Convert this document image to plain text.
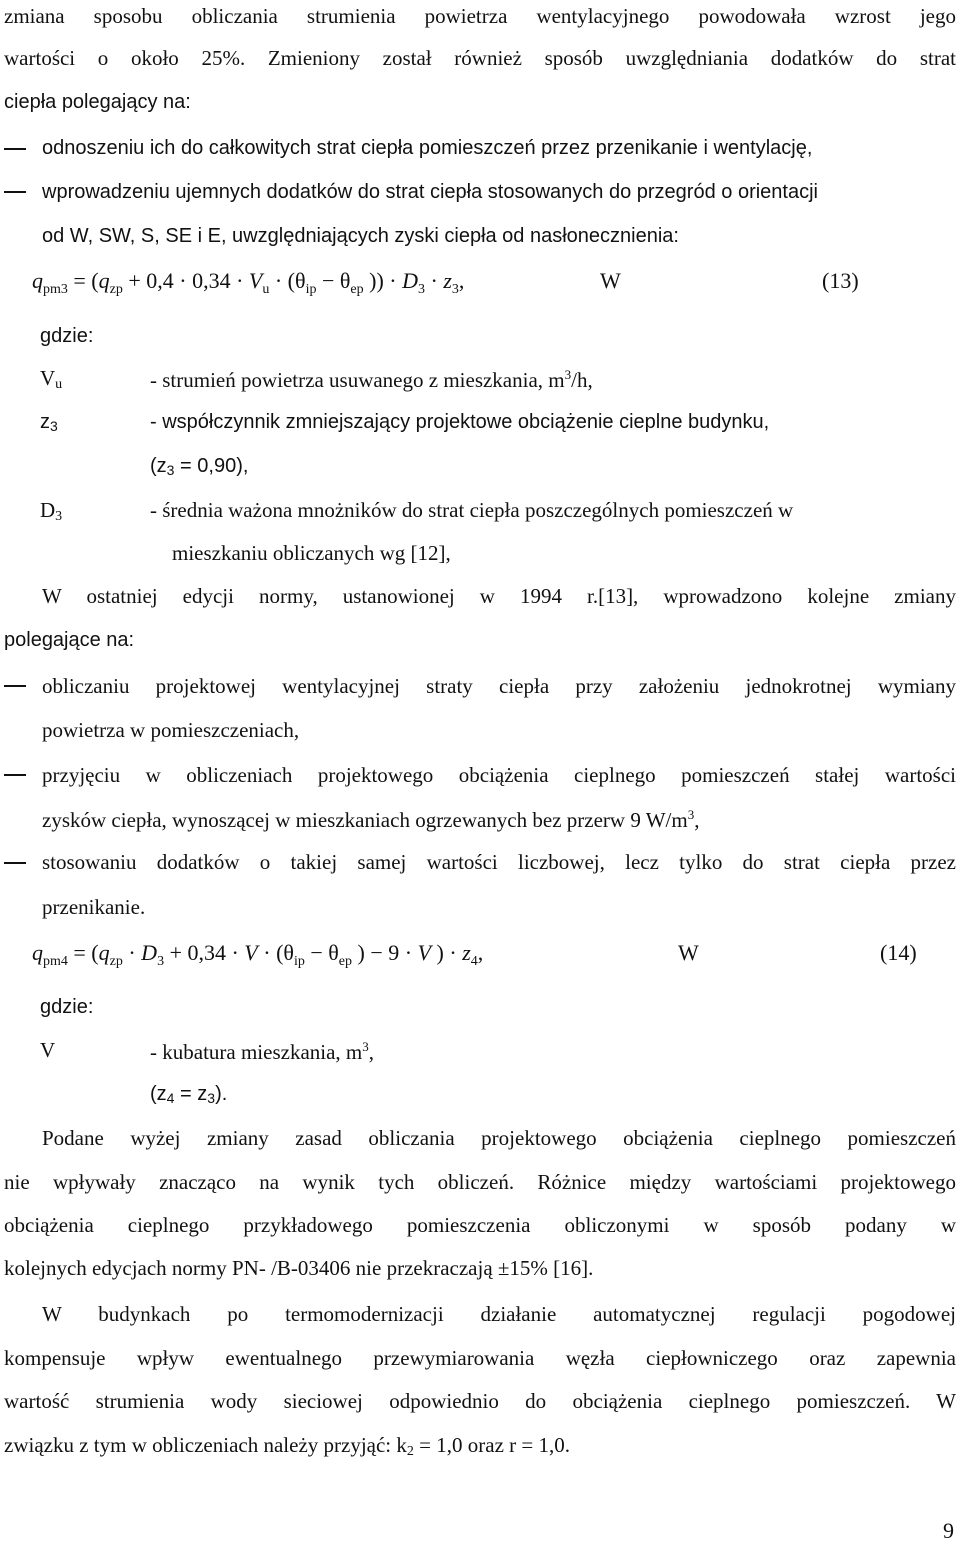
zmiana sposobu obliczania strumienia powietrza wentylacyjnego powodowała wzrost jego
wartości o około 25%. Zmieniony został również sposób uwzględniania dodatków do strat
ciepła polegający na:
odnoszeniu ich do całkowitych strat ciepła pomieszczeń przez przenikanie i wentylację,
wprowadzeniu ujemnych dodatków do strat ciepła stosowanych do przegród o orientacji
od W, SW, S, SE i E, uwzględniających zyski ciepła od nasłonecznienia:
$q_{pm3} = (q_{zp} + 0,4 \cdot 0,34 \cdot V_u \cdot (\theta_{ip} - \theta_{ep}$ )) · $D_3 \cdot z_3$,	W	(13)
gdzie:
$V_u$	- strumień powietrza usuwanego z mieszkania, $m^3/h$,
$z_3$	- współczynnik zmniejszający projektowe obciążenie cieplne budynku,
$(z_3 = 0,90)$,
$D_3$	- średnia ważona mnożników do strat ciepła poszczególnych pomieszczeń w
mieszkaniu obliczanych wg [12],
W ostatniej edycji normy, ustanowionej w 1994 r.[13], wprowadzono kolejne zmiany
polegające na:
obliczaniu projektowej wentylacyjnej straty ciepła przy założeniu jednokrotnej wymiany
powietrza w pomieszczeniach,
przyjęciu w obliczeniach projektowego obciążenia cieplnego pomieszczeń stałej wartości
zysków ciepła, wynoszącej w mieszkaniach ogrzewanych bez przerw 9 $W/m^3$,
stosowaniu dodatków o takiej samej wartości liczbowej, lecz tylko do strat ciepła przez
przenikanie.
$q_{pm4} = (q_{zp} \cdot D_3 + 0,34 \cdot V \cdot (\theta_{ip} - \theta_{ep}$ ) − 9 · V ) · $z_4$,	W	(14)
gdzie:
V	- kubatura mieszkania, $m^3$,
$(z_4 = z_3)$.
Podane wyżej zmiany zasad obliczania projektowego obciążenia cieplnego pomieszczeń
nie wpływały znacząco na wynik tych obliczeń. Różnice między wartościami projektowego
obciążenia cieplnego przykładowego pomieszczenia obliczonymi w sposób podany w
kolejnych edycjach normy PN- /B-03406 nie przekraczają ±15% [16].
W budynkach po termomodernizacji działanie automatycznej regulacji pogodowej
kompensuje wpływ ewentualnego przewymiarowania węzła ciepłowniczego oraz zapewnia
wartość strumienia wody sieciowej odpowiednio do obciążenia cieplnego pomieszczeń. W
związku z tym w obliczeniach należy przyjąć: $k_2 = 1,0$ oraz r = 1,0.
9
